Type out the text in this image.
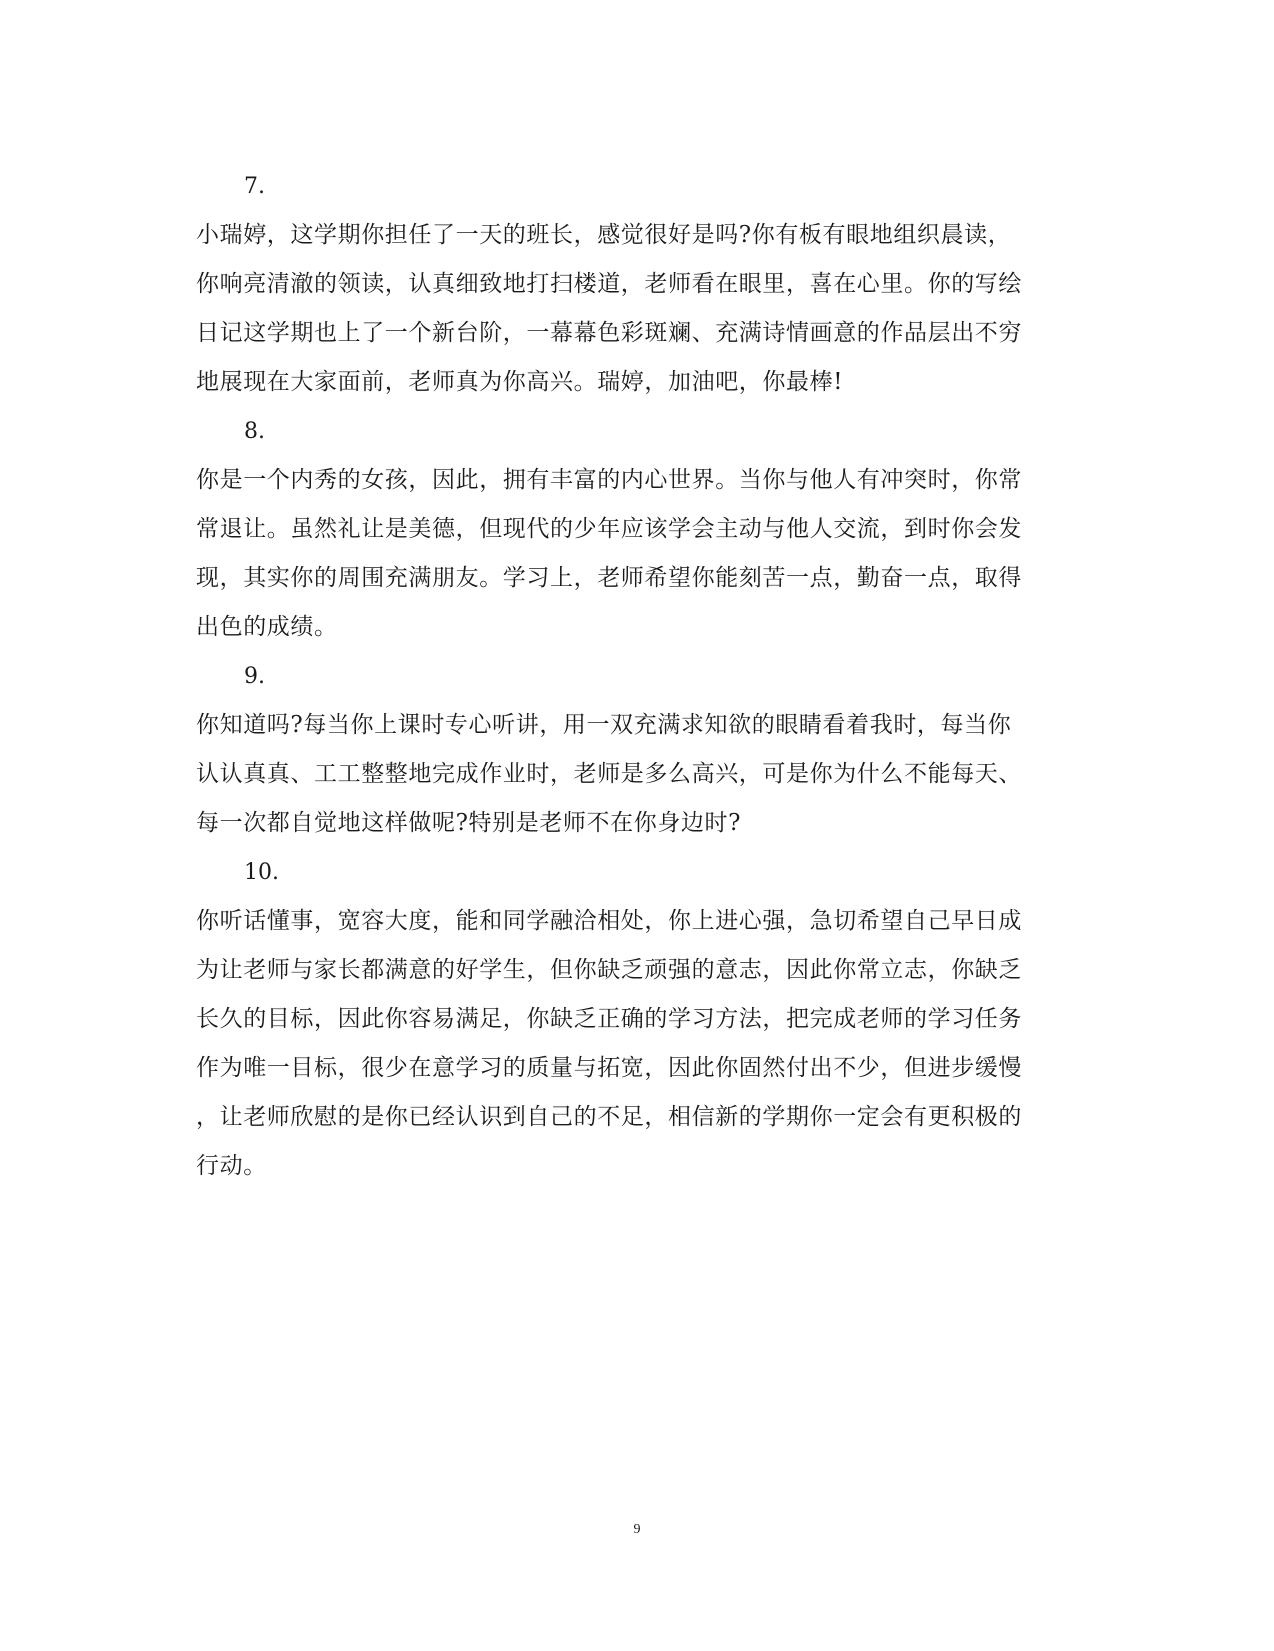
7.
小瑞婷，这学期你担任了一天的班长，感觉很好是吗?你有板有眼地组织晨读，
你响亮清澈的领读，认真细致地打扫楼道，老师看在眼里，喜在心里。你的写绘
日记这学期也上了一个新台阶，一幕幕色彩斑斓、充满诗情画意的作品层出不穷
地展现在大家面前，老师真为你高兴。瑞婷，加油吧，你最棒!
8.
你是一个内秀的女孩，因此，拥有丰富的内心世界。当你与他人有冲突时，你常
常退让。虽然礼让是美德，但现代的少年应该学会主动与他人交流，到时你会发
现，其实你的周围充满朋友。学习上，老师希望你能刻苦一点，勤奋一点，取得
出色的成绩。
9.
你知道吗?每当你上课时专心听讲，用一双充满求知欲的眼睛看着我时，每当你
认认真真、工工整整地完成作业时，老师是多么高兴，可是你为什么不能每天、
每一次都自觉地这样做呢?特别是老师不在你身边时?
10.
你听话懂事，宽容大度，能和同学融洽相处，你上进心强，急切希望自己早日成
为让老师与家长都满意的好学生，但你缺乏顽强的意志，因此你常立志，你缺乏
长久的目标，因此你容易满足，你缺乏正确的学习方法，把完成老师的学习任务
作为唯一目标，很少在意学习的质量与拓宽，因此你固然付出不少，但进步缓慢
，让老师欣慰的是你已经认识到自己的不足，相信新的学期你一定会有更积极的
行动。
9
